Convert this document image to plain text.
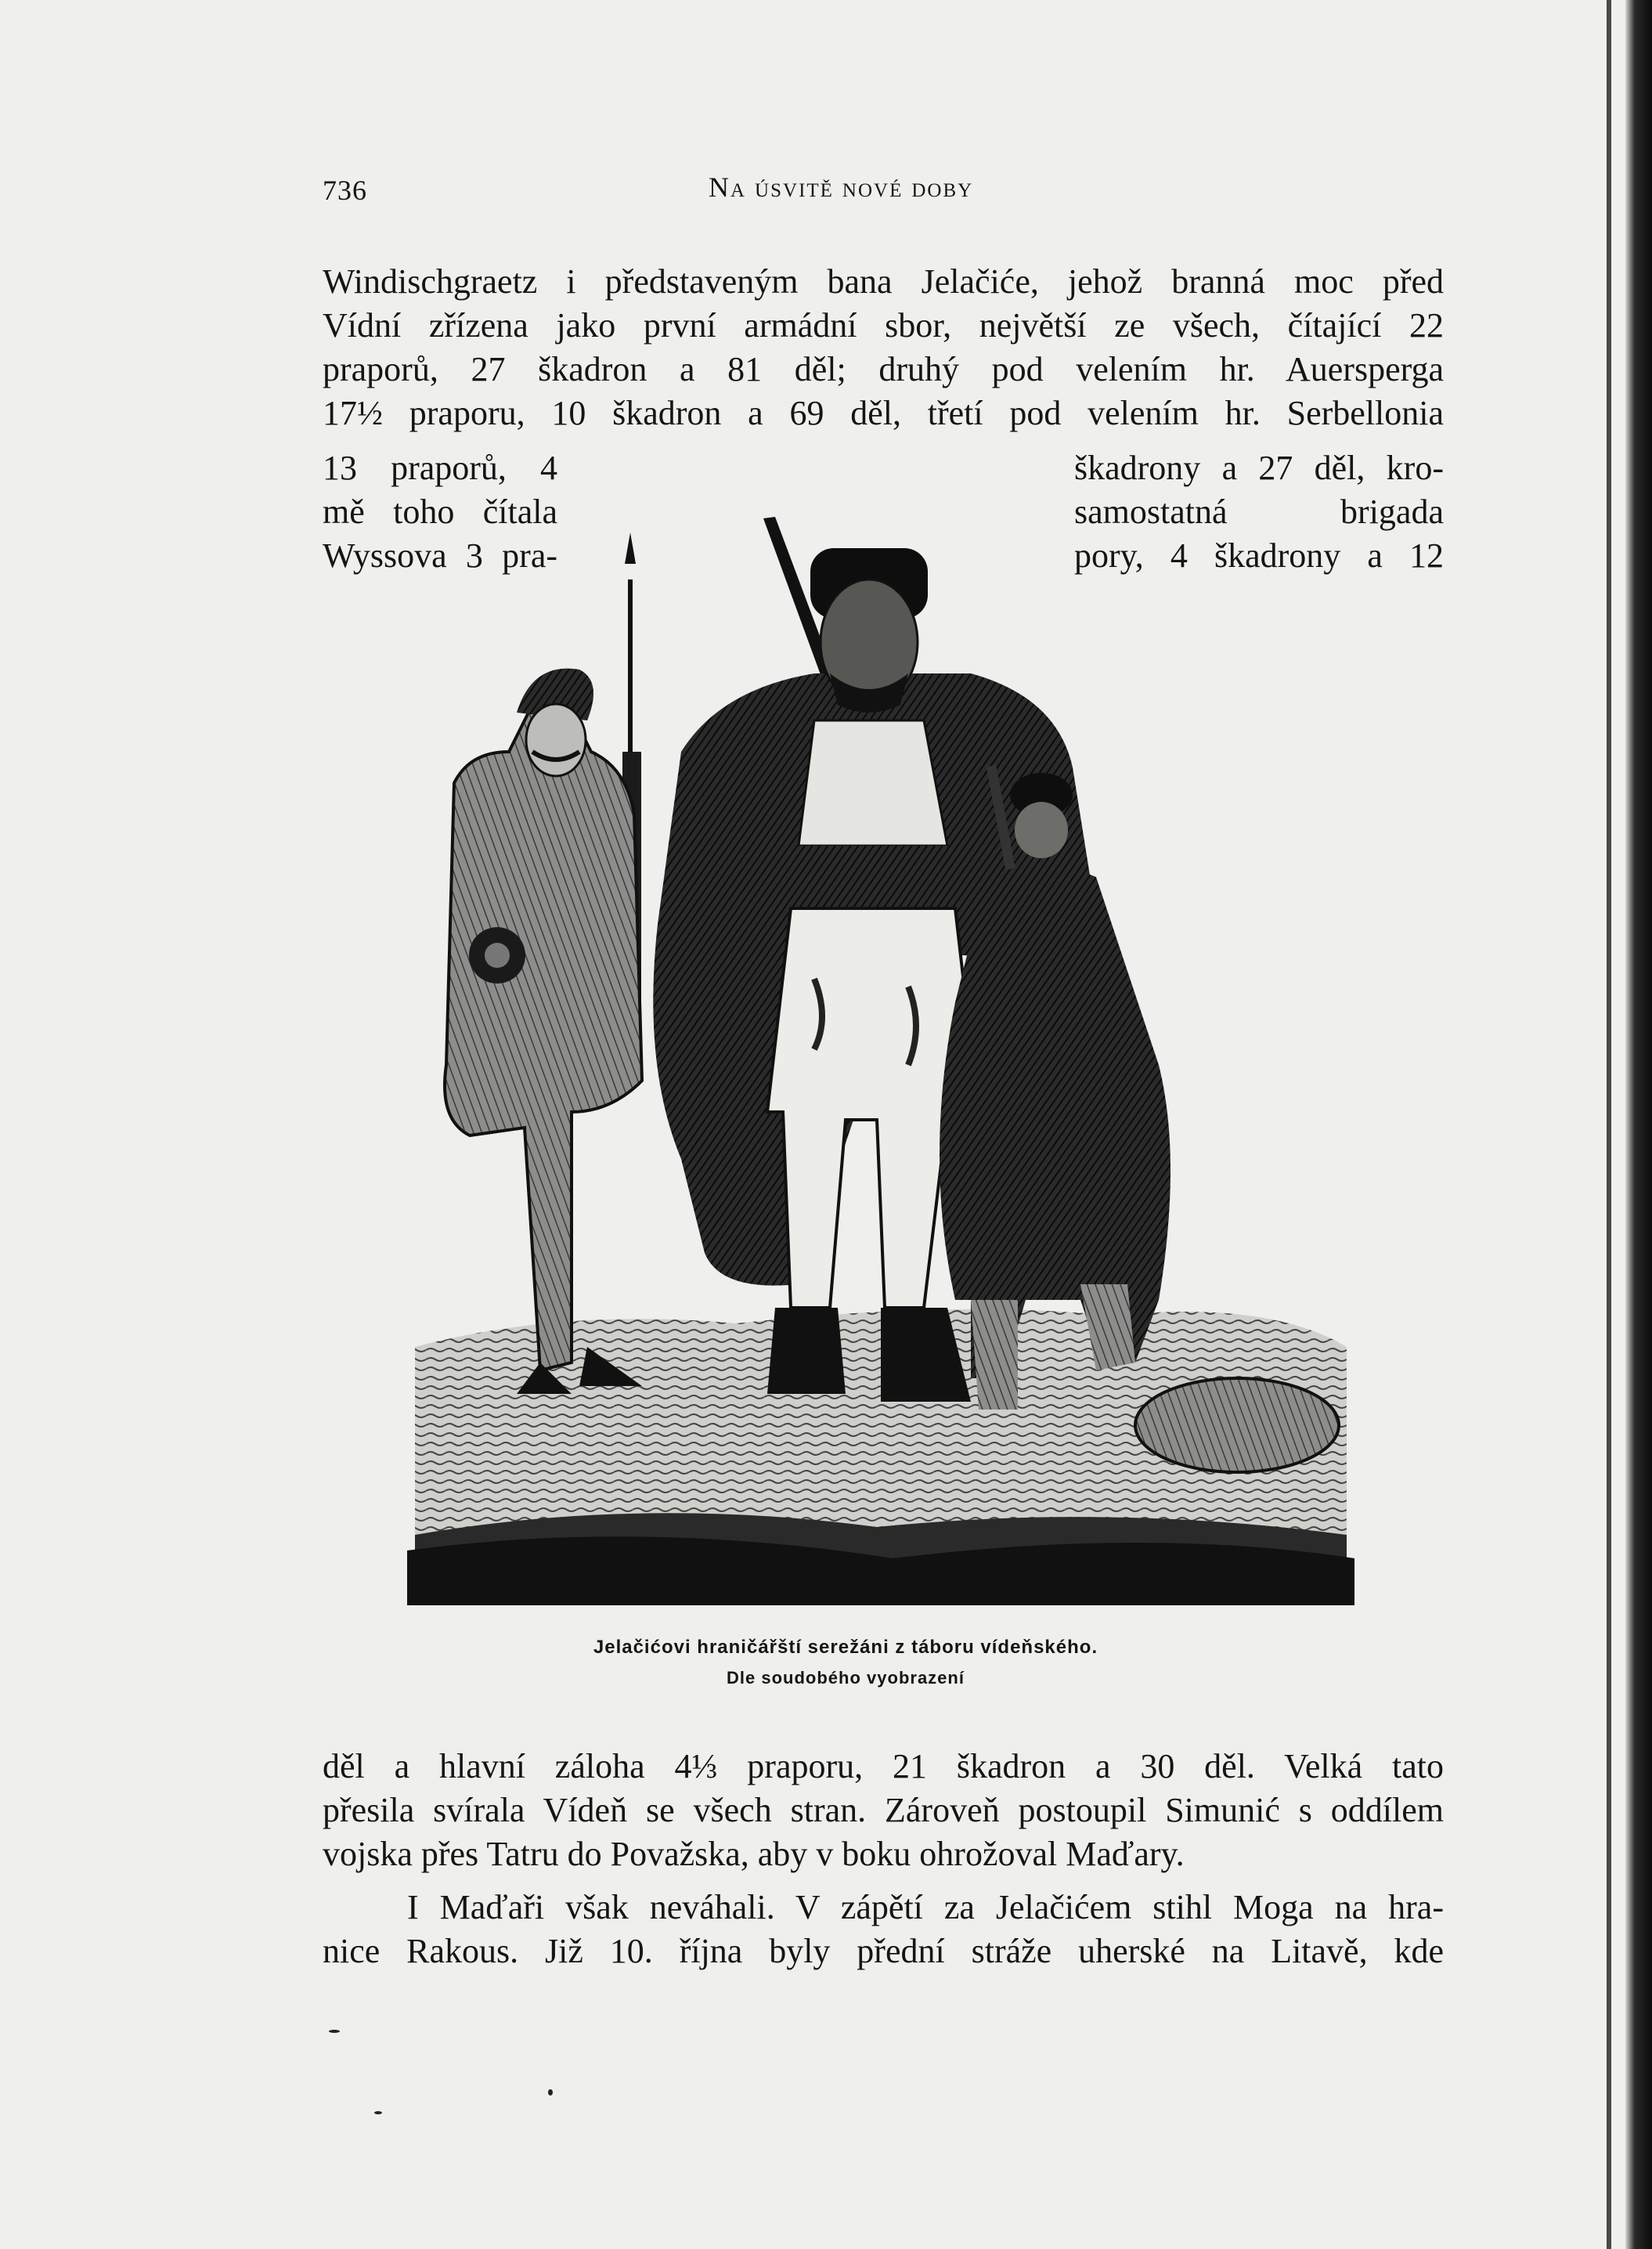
736	Na úsvitě nové doby
Windischgraetz i představeným bana Jelačiće, jehož branná moc před
Vídní zřízena jako první armádní sbor, největší ze všech, čítající 22
praporů, 27 škadron a 81 děl; druhý pod velením hr. Auersperga
17½ praporu, 10 škadron a 69 děl, třetí pod velením hr. Serbellonia
13 praporů, 4
mě toho čítala
Wyssova 3 pra-
škadrony a 27 děl, kro-
samostatná brigada
pory, 4 škadrony a 12
Jelačićovi hraničářští serežáni z táboru vídeňského.
Dle soudobého vyobrazení
děl a hlavní záloha 4⅓ praporu, 21 škadron a 30 děl. Velká tato
přesila svírala Vídeň se všech stran. Zároveň postoupil Simunić s oddílem
vojska přes Tatru do Považska, aby v boku ohrožoval Maďary.
I Maďaři však neváhali. V zápětí za Jelačićem stihl Moga na hra-
nice Rakous. Již 10. října byly přední stráže uherské na Litavě, kde
